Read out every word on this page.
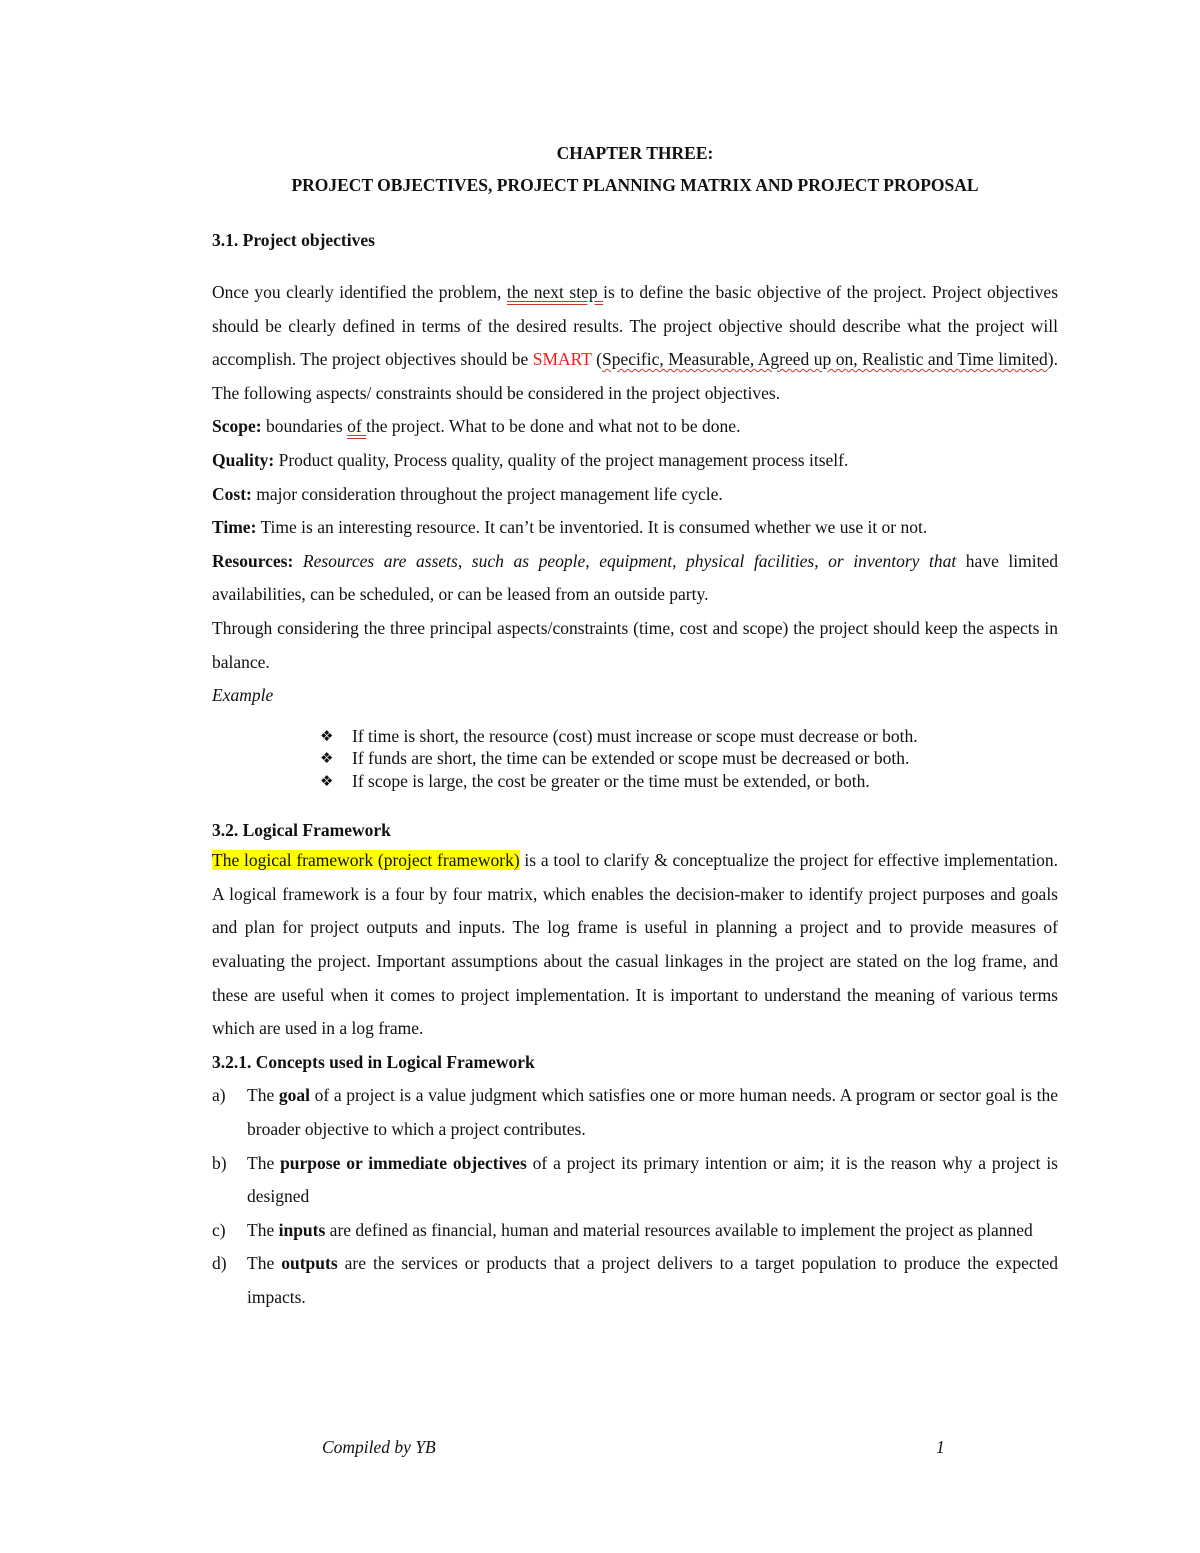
CHAPTER THREE:

PROJECT OBJECTIVES, PROJECT PLANNING MATRIX AND PROJECT PROPOSAL

3.1. Project objectives

Once you clearly identified the problem, the next step is to define the basic objective of the project. Project objectives should be clearly defined in terms of the desired results. The project objective should describe what the project will accomplish. The project objectives should be SMART (Specific, Measurable, Agreed up on, Realistic and Time limited). The following aspects/ constraints should be considered in the project objectives.

Scope: boundaries of the project. What to be done and what not to be done.

Quality: Product quality, Process quality, quality of the project management process itself.

Cost: major consideration throughout the project management life cycle.

Time: Time is an interesting resource. It can’t be inventoried. It is consumed whether we use it or not.

Resources: Resources are assets, such as people, equipment, physical facilities, or inventory that have limited availabilities, can be scheduled, or can be leased from an outside party.

Through considering the three principal aspects/constraints (time, cost and scope) the project should keep the aspects in balance.

Example

❖ If time is short, the resource (cost) must increase or scope must decrease or both.
❖ If funds are short, the time can be extended or scope must be decreased or both.
❖ If scope is large, the cost be greater or the time must be extended, or both.

3.2. Logical Framework

The logical framework (project framework) is a tool to clarify & conceptualize the project for effective implementation. A logical framework is a four by four matrix, which enables the decision-maker to identify project purposes and goals and plan for project outputs and inputs. The log frame is useful in planning a project and to provide measures of evaluating the project. Important assumptions about the casual linkages in the project are stated on the log frame, and these are useful when it comes to project implementation. It is important to understand the meaning of various terms which are used in a log frame.

3.2.1. Concepts used in Logical Framework

a) The goal of a project is a value judgment which satisfies one or more human needs. A program or sector goal is the broader objective to which a project contributes.
b) The purpose or immediate objectives of a project its primary intention or aim; it is the reason why a project is designed
c) The inputs are defined as financial, human and material resources available to implement the project as planned
d) The outputs are the services or products that a project delivers to a target population to produce the expected impacts.
Compiled by YB	1
